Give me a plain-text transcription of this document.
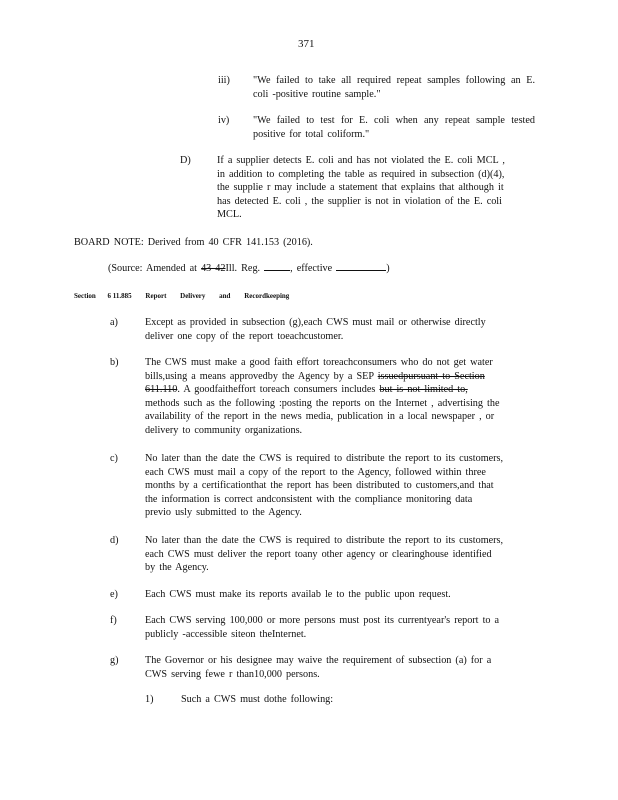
371
iii) "We failed to take all required repeat samples following an E. coli -positive routine sample."
iv) "We failed to test for E. coli when any repeat sample tested positive for total coliform."
D)	If a supplier detects E. coli and has not violated the E. coli MCL ,
in addition to completing the table as required in subsection (d)(4),
the supplie r may include a statement that explains that although it
has detected E. coli , the supplier is not in violation of the E. coli
MCL.
BOARD NOTE: Derived from 40 CFR 141.153 (2016).
(Source: Amended at 43 42Ill. Reg.	, effective	)
Section 6 11.885 Report Delivery and Recordkeeping
a)	Except as provided in subsection (g),each CWS must mail or otherwise directly
deliver one copy of the report toeachcustomer.
b)	The CWS must make a good faith effort toreachconsumers who do not get water
bills,using a means approvedby the Agency by a SEP issuedpursuant to Section
611.110. A goodfaitheffort toreach consumers includes but is not limited to,
methods such as the following :posting the reports on the Internet , advertising the
availability of the report in the news media, publication in a local newspaper , or
delivery to community organizations.
c)	No later than the date the CWS is required to distribute the report to its customers,
each CWS must mail a copy of the report to the Agency, followed within three
months by a certificationthat the report has been distributed to customers,and that
the information is correct andconsistent with the compliance monitoring data
previo usly submitted to the Agency.
d)	No later than the date the CWS is required to distribute the report to its customers,
each CWS must deliver the report toany other agency or clearinghouse identified
by the Agency.
e)	Each CWS must make its reports availab le to the public upon request.
f)	Each CWS serving 100,000 or more persons must post its currentyear's report to a
publicly -accessible siteon theInternet.
g)	The Governor or his designee may waive the requirement of subsection (a) for a
CWS serving fewe r than10,000 persons.
1)	Such a CWS must dothe following:
